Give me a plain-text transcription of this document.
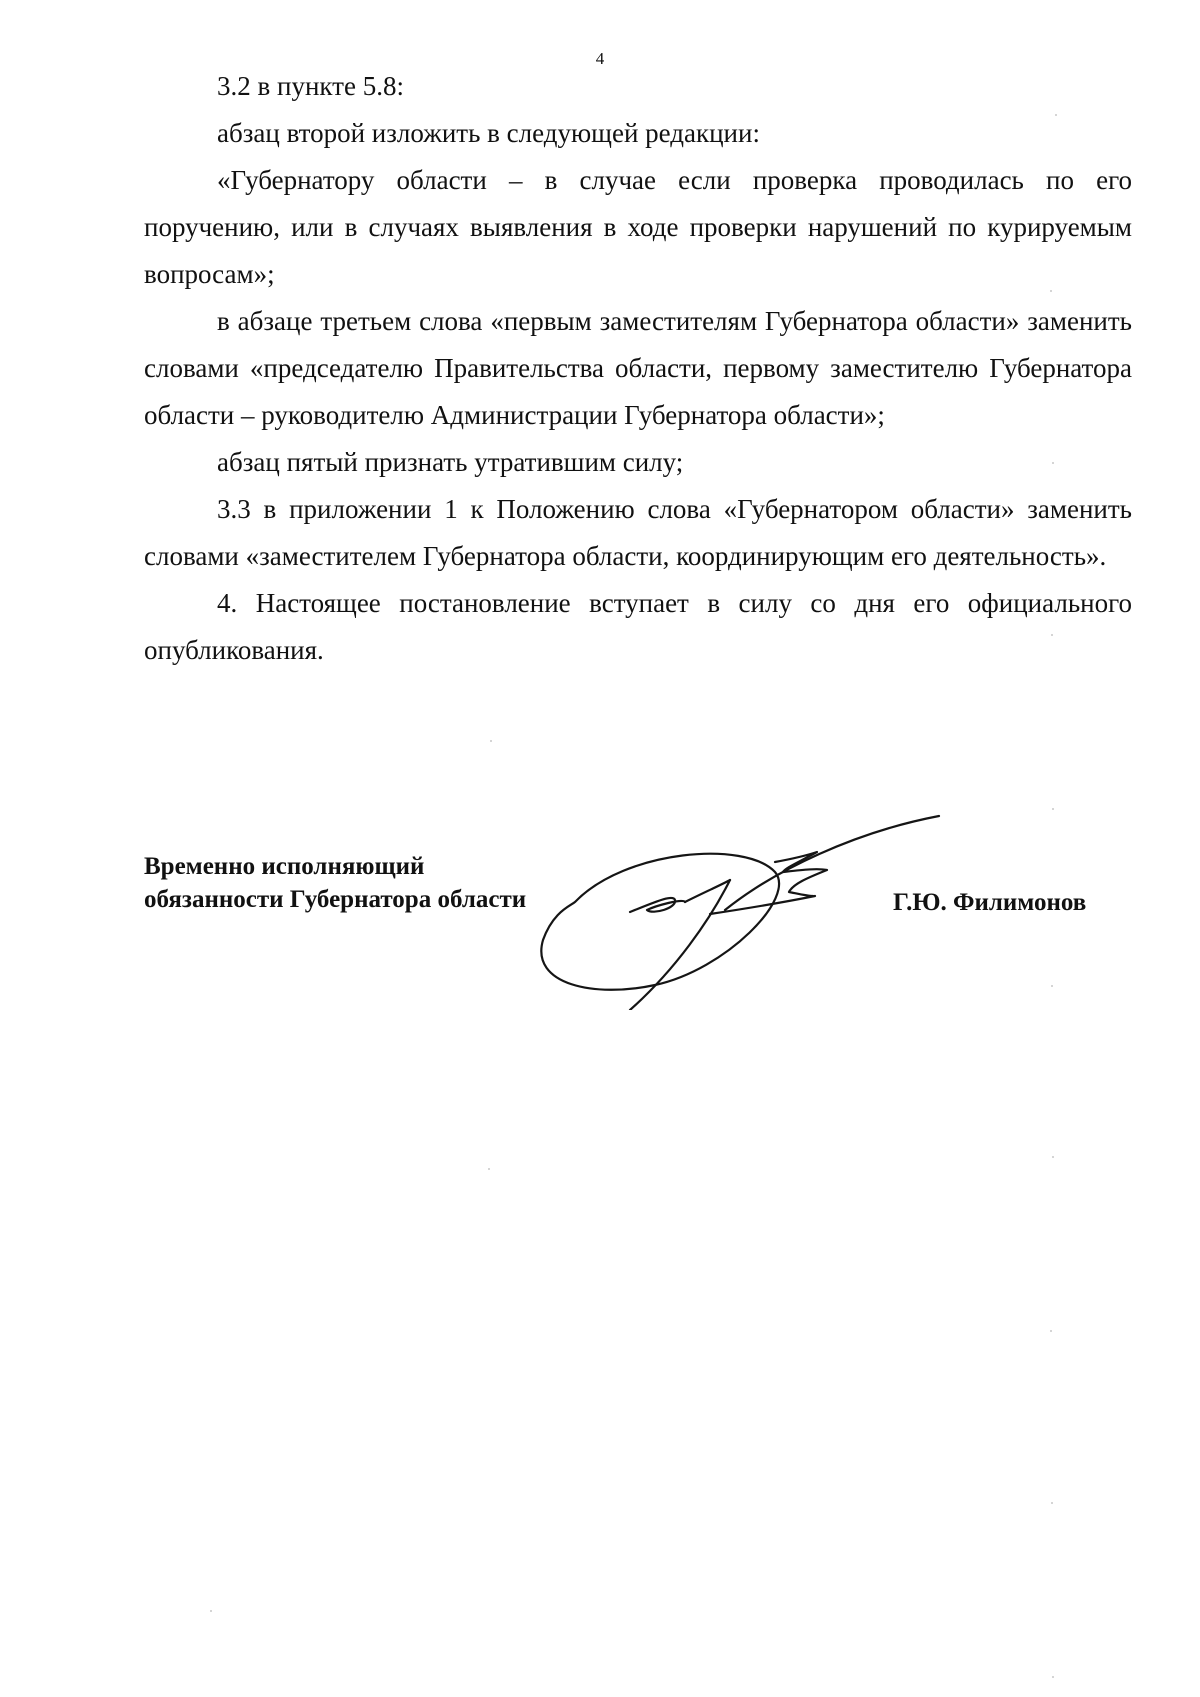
4

3.2 в пункте 5.8:

абзац второй изложить в следующей редакции:

«Губернатору области – в случае если проверка проводилась по его поручению, или в случаях выявления в ходе проверки нарушений по курируемым вопросам»;

в абзаце третьем слова «первым заместителям Губернатора области» заменить словами «председателю Правительства области, первому заместителю Губернатора области – руководителю Администрации Губернатора области»;

абзац пятый признать утратившим силу;

3.3 в приложении 1 к Положению слова «Губернатором области» заменить словами «заместителем Губернатора области, координирующим его деятельность».

4. Настоящее постановление вступает в силу со дня его официального опубликования.

Временно исполняющий
обязанности Губернатора области	Г.Ю. Филимонов
